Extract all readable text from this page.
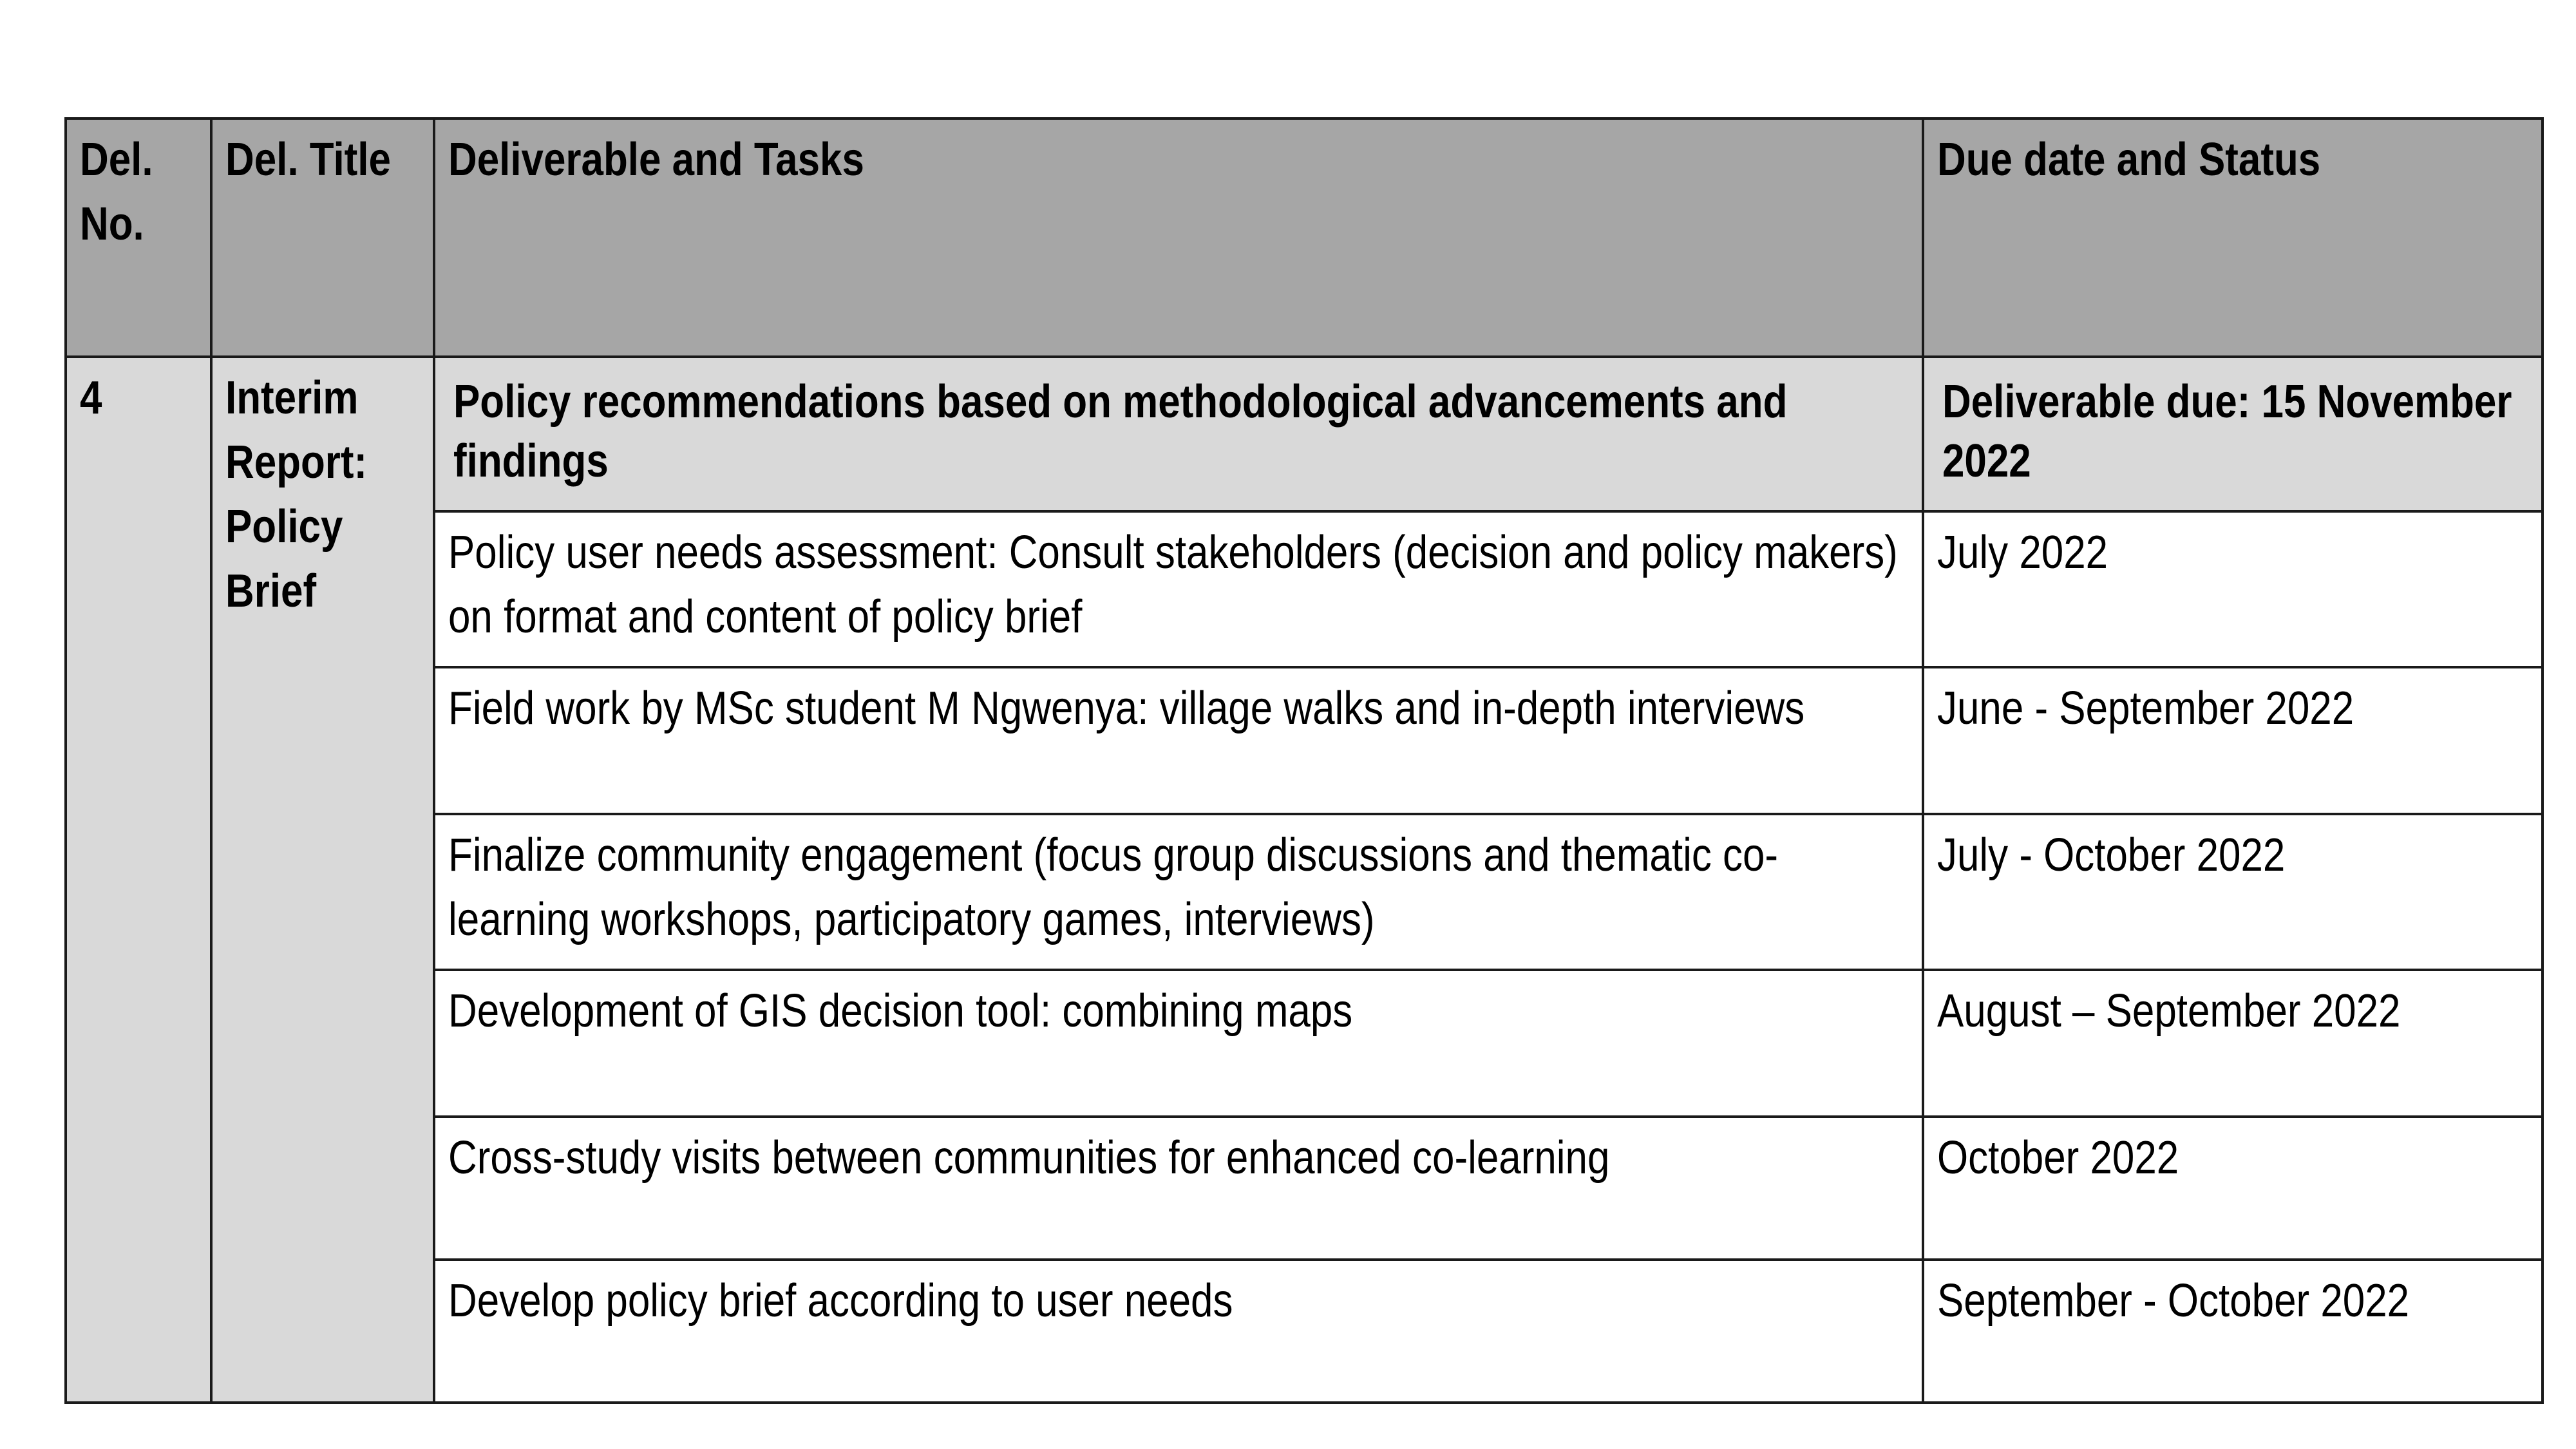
Del. No.	Del. Title	Deliverable and Tasks	Due date and Status

4	Interim Report: Policy Brief	Policy recommendations based on methodological advancements and findings	Deliverable due: 15 November 2022

		Policy user needs assessment: Consult stakeholders (decision and policy makers) on format and content of policy brief	July 2022

		Field work by MSc student M Ngwenya: village walks and in-depth interviews	June - September 2022

		Finalize community engagement (focus group discussions and thematic co-learning workshops, participatory games, interviews)	July - October 2022

		Development of GIS decision tool: combining maps	August – September 2022

		Cross-study visits between communities for enhanced co-learning	October 2022

		Develop policy brief according to user needs	September - October 2022
